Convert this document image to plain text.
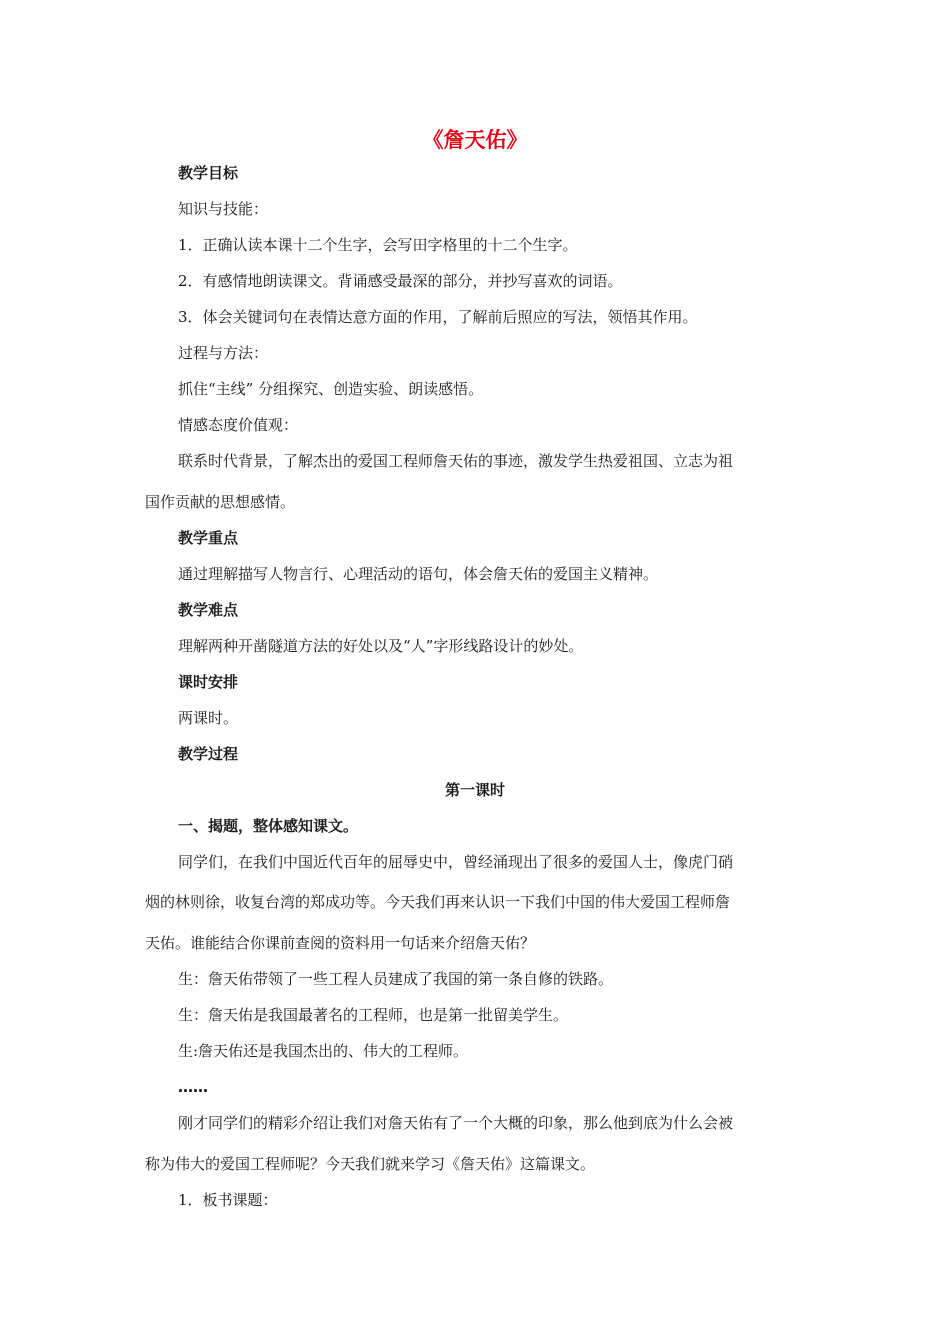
《詹天佑》
教学目标
知识与技能：
1．正确认读本课十二个生字，会写田字格里的十二个生字。
2．有感情地朗读课文。背诵感受最深的部分，并抄写喜欢的词语。
3．体会关键词句在表情达意方面的作用，了解前后照应的写法，领悟其作用。
过程与方法：
抓住“主线” 分组探究、创造实验、朗读感悟。
情感态度价值观：
联系时代背景，了解杰出的爱国工程师詹天佑的事迹，激发学生热爱祖国、立志为祖
国作贡献的思想感情。
教学重点
通过理解描写人物言行、心理活动的语句，体会詹天佑的爱国主义精神。
教学难点
理解两种开凿隧道方法的好处以及“人”字形线路设计的妙处。
课时安排
两课时。
教学过程
第一课时
一、揭题，整体感知课文。
同学们，在我们中国近代百年的屈辱史中，曾经涌现出了很多的爱国人士，像虎门硝
烟的林则徐，收复台湾的郑成功等。今天我们再来认识一下我们中国的伟大爱国工程师詹
天佑。谁能结合你课前查阅的资料用一句话来介绍詹天佑？
生：詹天佑带领了一些工程人员建成了我国的第一条自修的铁路。
生：詹天佑是我国最著名的工程师，也是第一批留美学生。
生:詹天佑还是我国杰出的、伟大的工程师。
……
刚才同学们的精彩介绍让我们对詹天佑有了一个大概的印象，那么他到底为什么会被
称为伟大的爱国工程师呢？今天我们就来学习《詹天佑》这篇课文。
1．板书课题：
